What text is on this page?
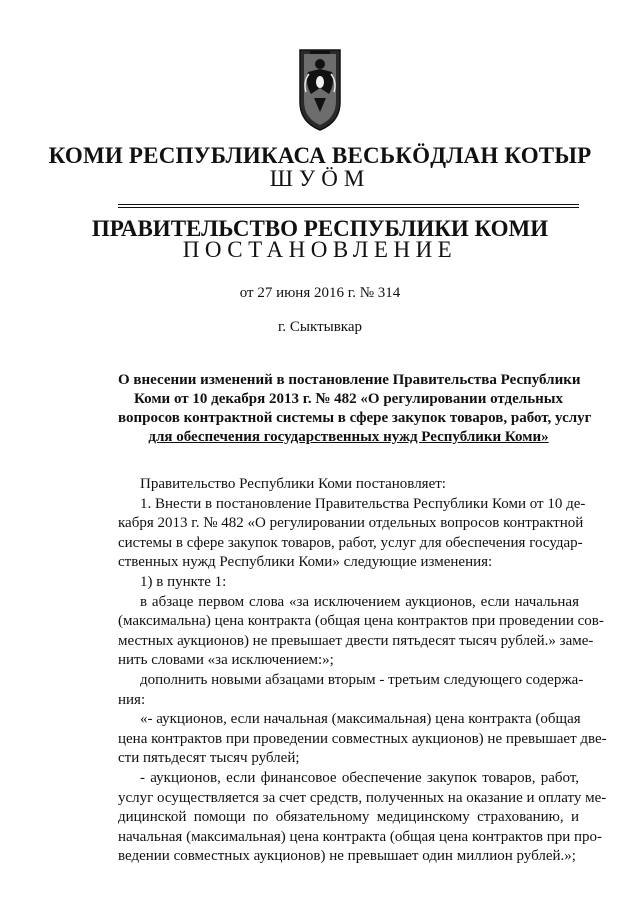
КОМИ РЕСПУБЛИКАСА ВЕСЬКÖДЛАН КОТЫР
ШУÖМ
ПРАВИТЕЛЬСТВО РЕСПУБЛИКИ КОМИ
ПОСТАНОВЛЕНИЕ
от 27 июня 2016 г. № 314
г. Сыктывкар
О внесении изменений в постановление Правительства Республики
Коми от 10 декабря 2013 г. № 482 «О регулировании отдельных
вопросов контрактной системы в сфере закупок товаров, работ, услуг
для обеспечения государственных нужд Республики Коми»
Правительство Республики Коми постановляет:
1. Внести в постановление Правительства Республики Коми от 10 де-
кабря 2013 г. № 482 «О регулировании отдельных вопросов контрактной
системы в сфере закупок товаров, работ, услуг для обеспечения государ-
ственных нужд Республики Коми» следующие изменения:
1) в пункте 1:
в абзаце первом слова «за исключением аукционов, если начальная
(максимальна) цена контракта (общая цена контрактов при проведении сов-
местных аукционов) не превышает двести пятьдесят тысяч рублей.» заме-
нить словами «за исключением:»;
дополнить новыми абзацами вторым - третьим следующего содержа-
ния:
«- аукционов, если начальная (максимальная) цена контракта (общая
цена контрактов при проведении совместных аукционов) не превышает две-
сти пятьдесят тысяч рублей;
- аукционов, если финансовое обеспечение закупок товаров, работ,
услуг осуществляется за счет средств, полученных на оказание и оплату ме-
дицинской помощи по обязательному медицинскому страхованию, и
начальная (максимальная) цена контракта (общая цена контрактов при про-
ведении совместных аукционов) не превышает один миллион рублей.»;
